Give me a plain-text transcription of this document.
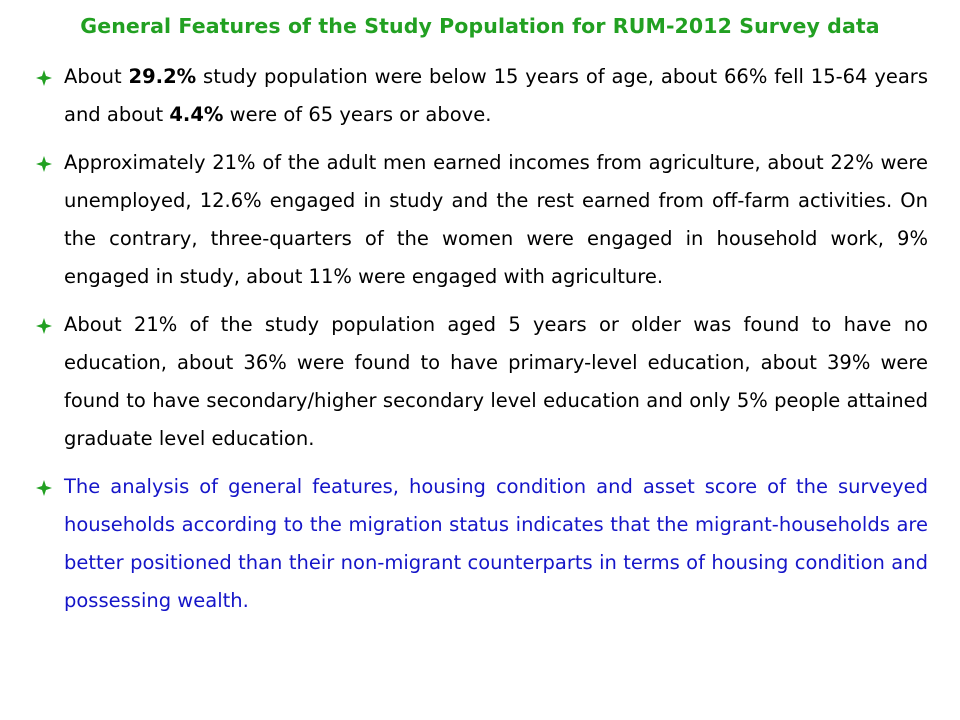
General Features of the Study Population for RUM-2012 Survey data
About 29.2% study population were below 15 years of age, about 66% fell 15-64 years and about 4.4% were of 65 years or above.
Approximately 21% of the adult men earned incomes from agriculture, about 22% were unemployed, 12.6% engaged in study and the rest earned from off-farm activities. On the contrary, three-quarters of the women were engaged in household work, 9% engaged in study, about 11% were engaged with agriculture.
About 21% of the study population aged 5 years or older was found to have no education, about 36% were found to have primary-level education, about 39% were found to have secondary/higher secondary level education and only 5% people attained graduate level education.
The analysis of general features, housing condition and asset score of the surveyed households according to the migration status indicates that the migrant-households are better positioned than their non-migrant counterparts in terms of housing condition and possessing wealth.
